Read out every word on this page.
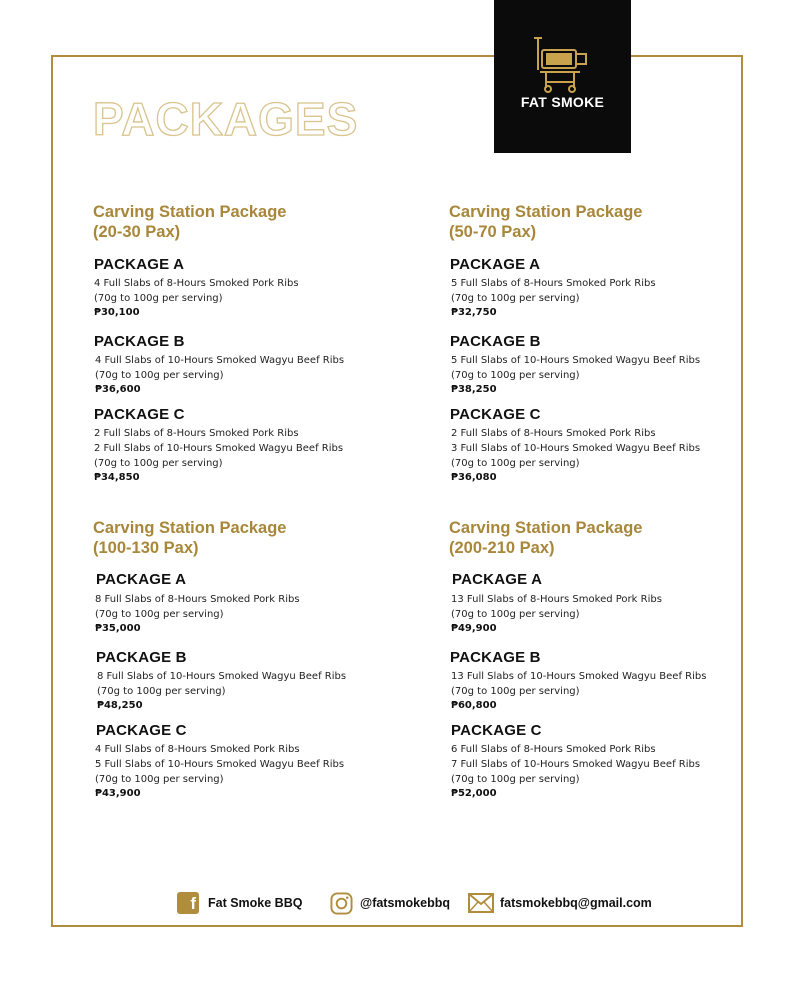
FAT SMOKE
PACKAGES
Carving Station Package
(20-30 Pax)
PACKAGE A
4 Full Slabs of 8-Hours Smoked Pork Ribs
(70g to 100g per serving)
₱30,100
PACKAGE B
4 Full Slabs of 10-Hours Smoked Wagyu Beef Ribs
(70g to 100g per serving)
₱36,600
PACKAGE C
2 Full Slabs of 8-Hours Smoked Pork Ribs
2 Full Slabs of 10-Hours Smoked Wagyu Beef Ribs
(70g to 100g per serving)
₱34,850
Carving Station Package
(50-70 Pax)
PACKAGE A
5 Full Slabs of 8-Hours Smoked Pork Ribs
(70g to 100g per serving)
₱32,750
PACKAGE B
5 Full Slabs of 10-Hours Smoked Wagyu Beef Ribs
(70g to 100g per serving)
₱38,250
PACKAGE C
2 Full Slabs of 8-Hours Smoked Pork Ribs
3 Full Slabs of 10-Hours Smoked Wagyu Beef Ribs
(70g to 100g per serving)
₱36,080
Carving Station Package
(100-130 Pax)
PACKAGE A
8 Full Slabs of 8-Hours Smoked Pork Ribs
(70g to 100g per serving)
₱35,000
PACKAGE B
8 Full Slabs of 10-Hours Smoked Wagyu Beef Ribs
(70g to 100g per serving)
₱48,250
PACKAGE C
4 Full Slabs of 8-Hours Smoked Pork Ribs
5 Full Slabs of 10-Hours Smoked Wagyu Beef Ribs
(70g to 100g per serving)
₱43,900
Carving Station Package
(200-210 Pax)
PACKAGE A
13 Full Slabs of 8-Hours Smoked Pork Ribs
(70g to 100g per serving)
₱49,900
PACKAGE B
13 Full Slabs of 10-Hours Smoked Wagyu Beef Ribs
(70g to 100g per serving)
₱60,800
PACKAGE C
6 Full Slabs of 8-Hours Smoked Pork Ribs
7 Full Slabs of 10-Hours Smoked Wagyu Beef Ribs
(70g to 100g per serving)
₱52,000
f Fat Smoke BBQ	@fatsmokebbq	fatsmokebbq@gmail.com
